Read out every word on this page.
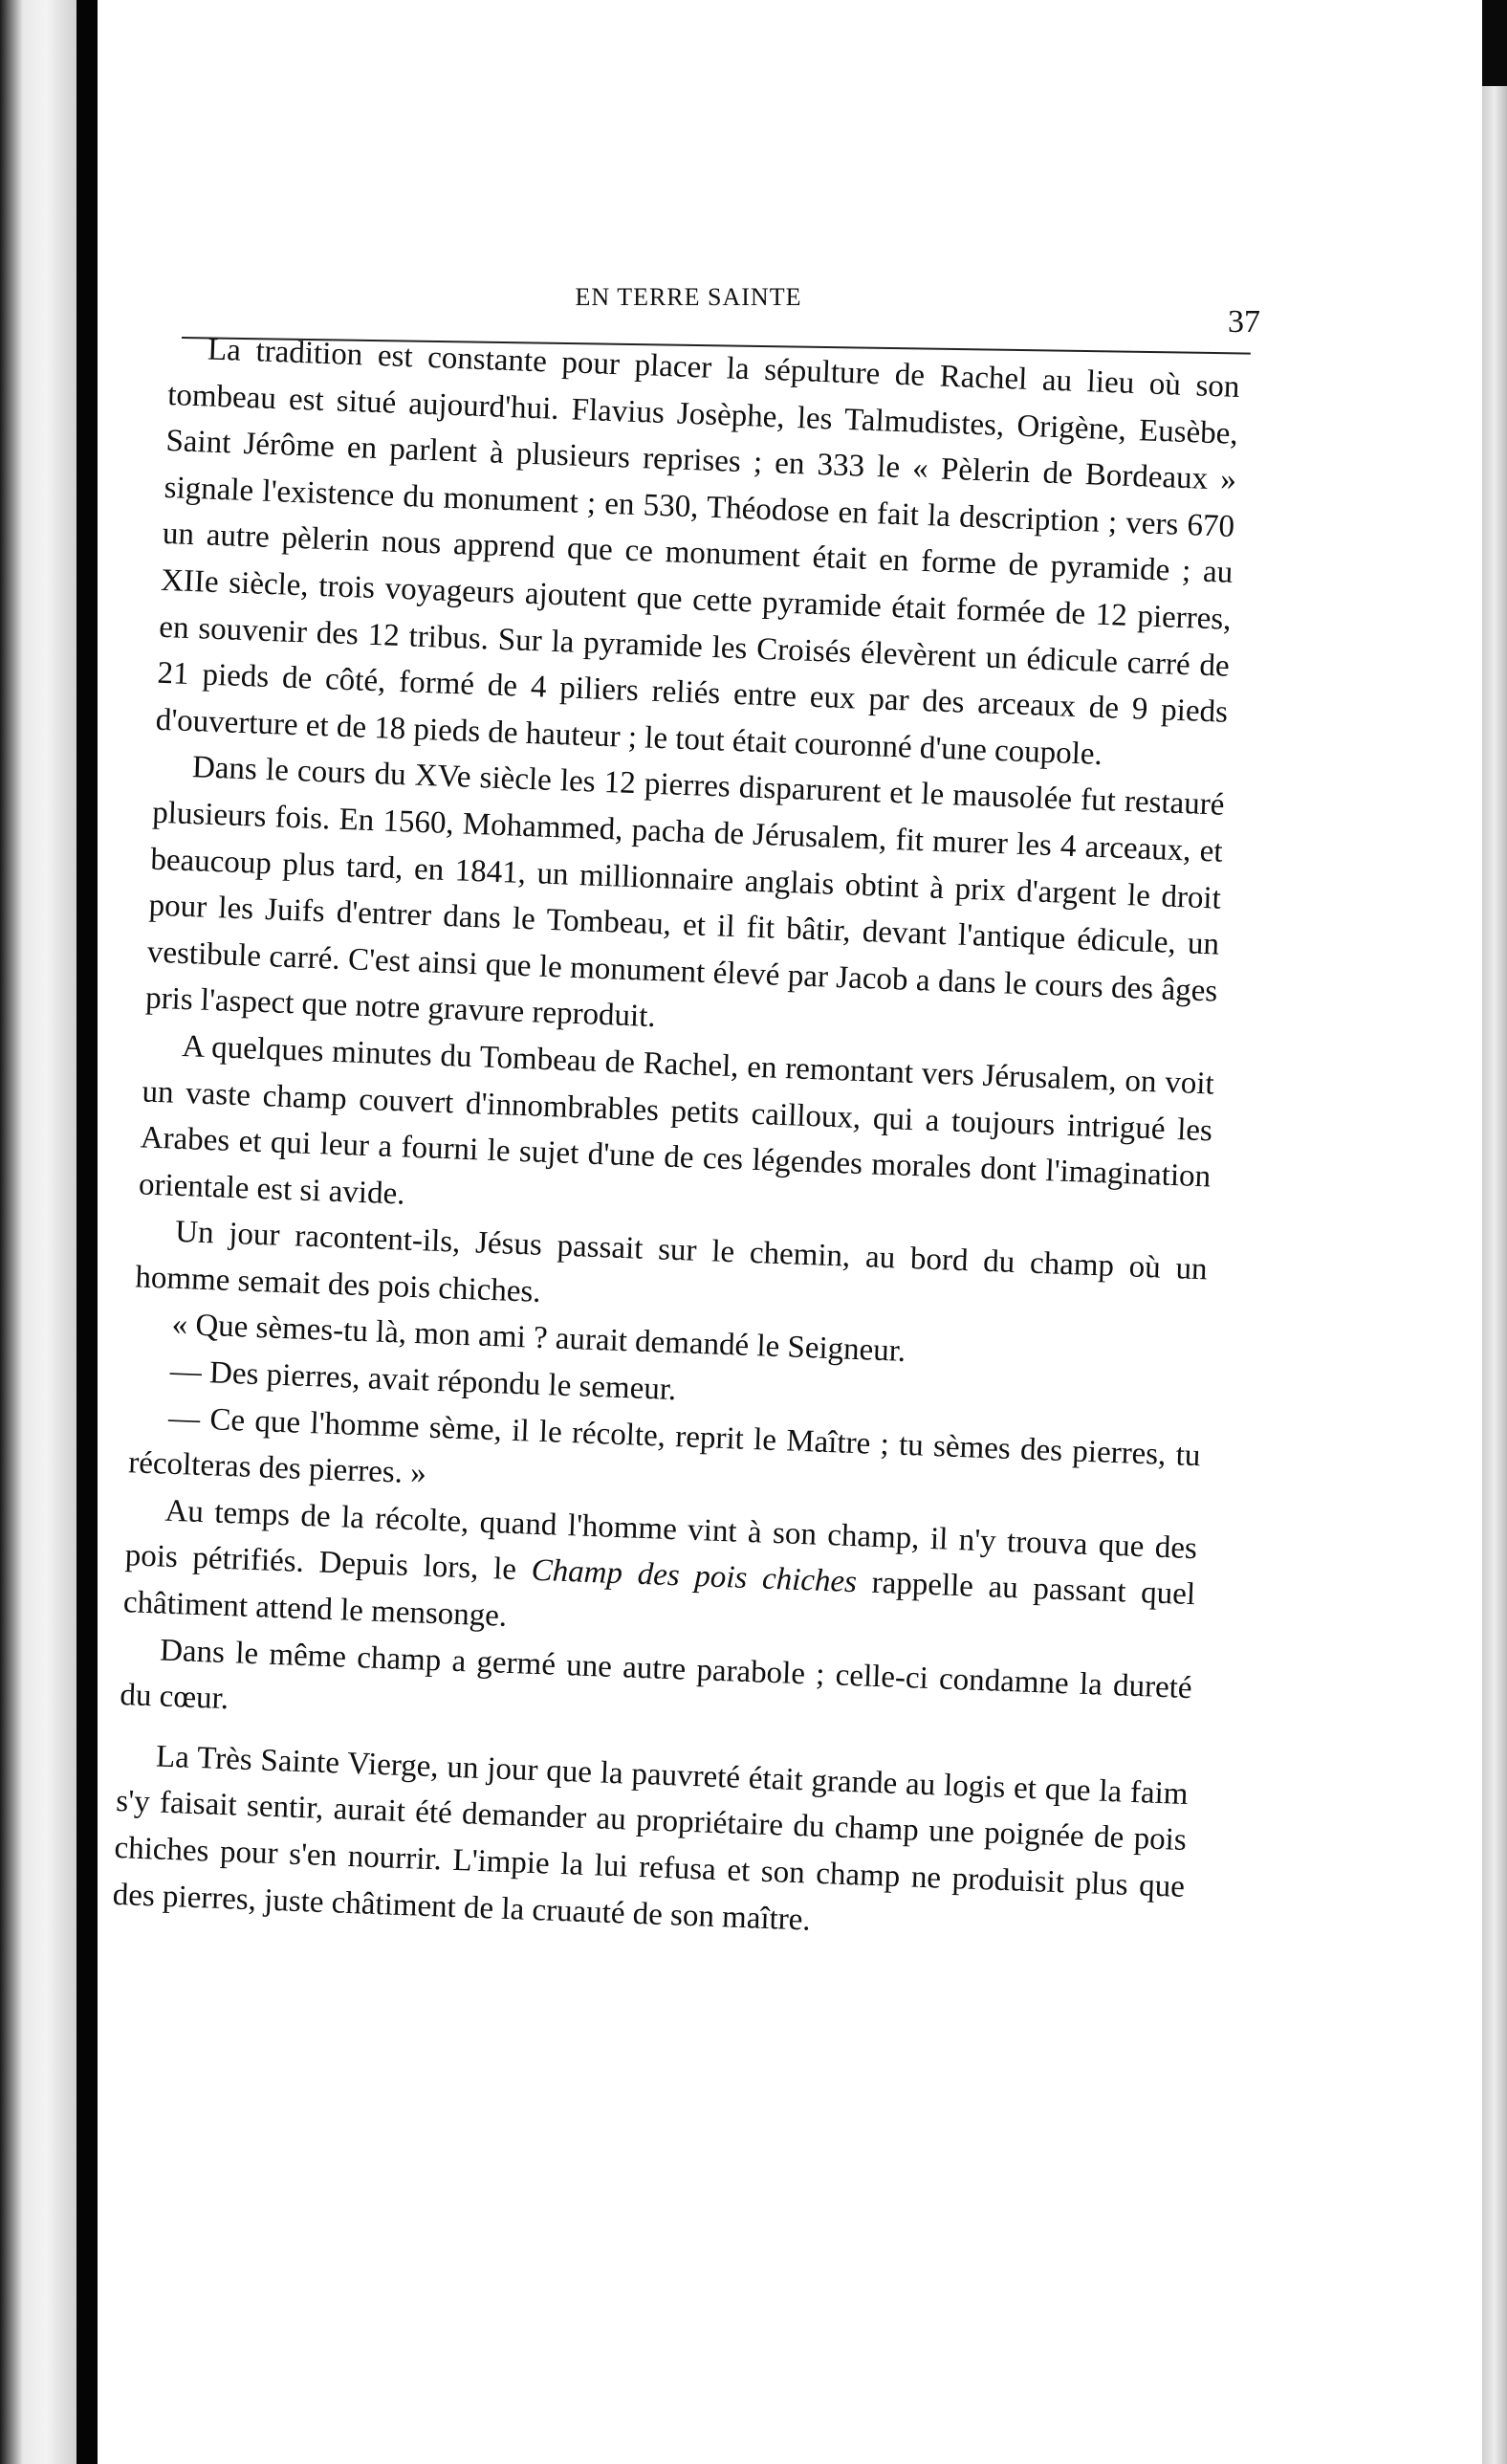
EN TERRE SAINTE
37

La tradition est constante pour placer la sépulture de Rachel au lieu où son tombeau est situé aujourd'hui. Flavius Josèphe, les Talmudistes, Origène, Eusèbe, Saint Jérôme en parlent à plusieurs reprises ; en 333 le « Pèlerin de Bordeaux » signale l'existence du monument ; en 530, Théodose en fait la description ; vers 670 un autre pèlerin nous apprend que ce monument était en forme de pyramide ; au XIIe siècle, trois voyageurs ajoutent que cette pyramide était formée de 12 pierres, en souvenir des 12 tribus. Sur la pyramide les Croisés élevèrent un édicule carré de 21 pieds de côté, formé de 4 piliers reliés entre eux par des arceaux de 9 pieds d'ouverture et de 18 pieds de hauteur ; le tout était couronné d'une coupole.

Dans le cours du XVe siècle les 12 pierres disparurent et le mausolée fut restauré plusieurs fois. En 1560, Mohammed, pacha de Jérusalem, fit murer les 4 arceaux, et beaucoup plus tard, en 1841, un millionnaire anglais obtint à prix d'argent le droit pour les Juifs d'entrer dans le Tombeau, et il fit bâtir, devant l'antique édicule, un vestibule carré. C'est ainsi que le monument élevé par Jacob a dans le cours des âges pris l'aspect que notre gravure reproduit.

A quelques minutes du Tombeau de Rachel, en remontant vers Jérusalem, on voit un vaste champ couvert d'innombrables petits cailloux, qui a toujours intrigué les Arabes et qui leur a fourni le sujet d'une de ces légendes morales dont l'imagination orientale est si avide.

Un jour racontent-ils, Jésus passait sur le chemin, au bord du champ où un homme semait des pois chiches.

« Que sèmes-tu là, mon ami ? aurait demandé le Seigneur.

— Des pierres, avait répondu le semeur.

— Ce que l'homme sème, il le récolte, reprit le Maître ; tu sèmes des pierres, tu récolteras des pierres. »

Au temps de la récolte, quand l'homme vint à son champ, il n'y trouva que des pois pétrifiés. Depuis lors, le Champ des pois chiches rappelle au passant quel châtiment attend le mensonge.

Dans le même champ a germé une autre parabole ; celle-ci condamne la dureté du cœur.

La Très Sainte Vierge, un jour que la pauvreté était grande au logis et que la faim s'y faisait sentir, aurait été demander au propriétaire du champ une poignée de pois chiches pour s'en nourrir. L'impie la lui refusa et son champ ne produisit plus que des pierres, juste châtiment de la cruauté de son maître.
